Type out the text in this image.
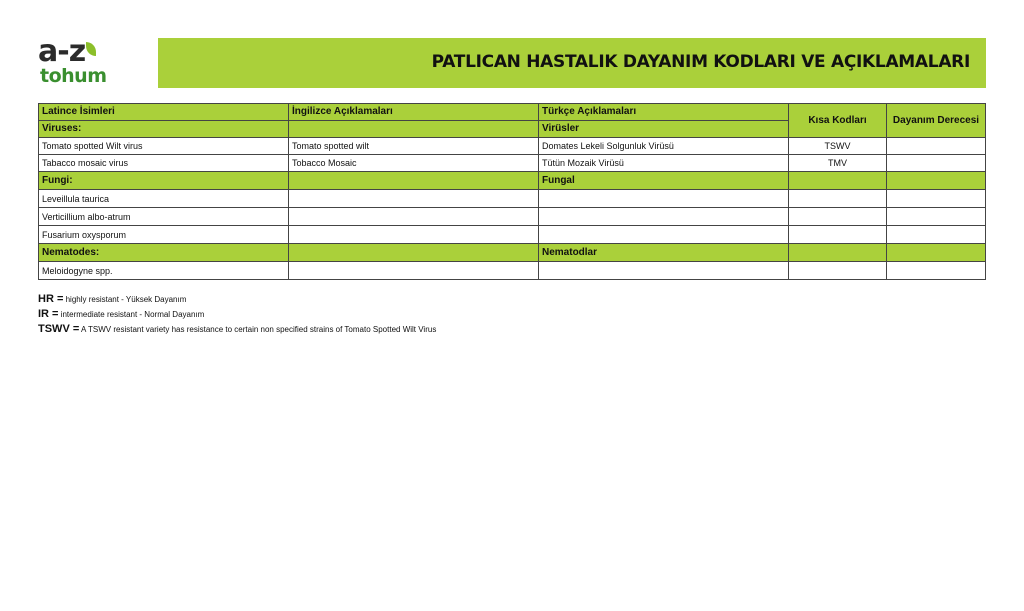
a-z
tohum
PATLICAN HASTALIK DAYANIM KODLARI VE AÇIKLAMALARI
Latince İsimleri	İngilizce Açıklamaları	Türkçe Açıklamaları	Kısa Kodları	Dayanım Derecesi
Viruses:		Virüsler		
Tomato spotted Wilt virus	Tomato spotted wilt	Domates Lekeli Solgunluk Virüsü	TSWV	
Tabacco mosaic virus	Tobacco Mosaic	Tütün Mozaik Virüsü	TMV	
Fungi:		Fungal		
Leveillula taurica				
Verticillium albo-atrum				
Fusarium oxysporum				
Nematodes:		Nematodlar		
Meloidogyne spp.				
HR = highly resistant - Yüksek Dayanım
IR = intermediate resistant - Normal Dayanım
TSWV = A TSWV resistant variety has resistance to certain non specified strains of Tomato Spotted Wilt Virus
